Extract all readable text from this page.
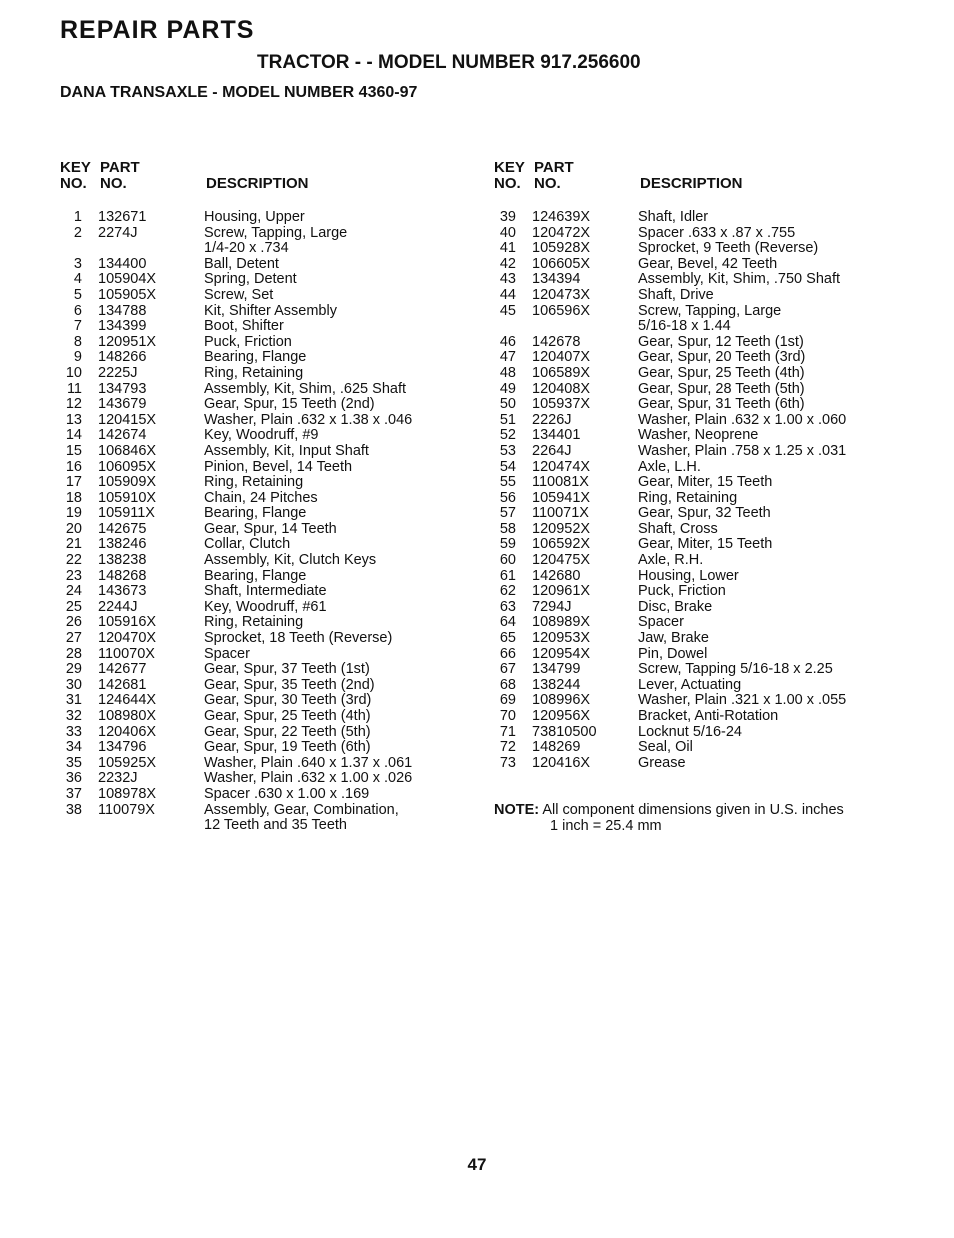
REPAIR PARTS
TRACTOR - - MODEL NUMBER 917.256600
DANA TRANSAXLE - MODEL NUMBER 4360-97
KEY

NO.
PART

NO.	DESCRIPTION
1 132671	Housing, Upper
2 2274J	Screw, Tapping, Large
1/4-20 x .734
3 134400	Ball, Detent
4 105904X	Spring, Detent
5 105905X	Screw, Set
6 134788	Kit, Shifter Assembly
7 134399	Boot, Shifter
8 120951X	Puck, Friction
9 148266	Bearing, Flange
10 2225J	Ring, Retaining
11 134793	Assembly, Kit, Shim, .625 Shaft
12 143679	Gear, Spur, 15 Teeth (2nd)
13 120415X	Washer, Plain .632 x 1.38 x .046
14 142674	Key, Woodruff, #9
15 106846X	Assembly, Kit, Input Shaft
16 106095X	Pinion, Bevel, 14 Teeth
17 105909X	Ring, Retaining
18 105910X	Chain, 24 Pitches
19 105911X	Bearing, Flange
20 142675	Gear, Spur, 14 Teeth
21 138246	Collar, Clutch
22 138238	Assembly, Kit, Clutch Keys
23 148268	Bearing, Flange
24 143673	Shaft, Intermediate
25 2244J	Key, Woodruff, #61
26 105916X	Ring, Retaining
27 120470X	Sprocket, 18 Teeth (Reverse)
28 110070X	Spacer
29 142677	Gear, Spur, 37 Teeth (1st)
30 142681	Gear, Spur, 35 Teeth (2nd)
31 124644X	Gear, Spur, 30 Teeth (3rd)
32 108980X	Gear, Spur, 25 Teeth (4th)
33 120406X	Gear, Spur, 22 Teeth (5th)
34 134796	Gear, Spur, 19 Teeth (6th)
35 105925X	Washer, Plain .640 x 1.37 x .061
36 2232J	Washer, Plain .632 x 1.00 x .026
37 108978X	Spacer .630 x 1.00 x .169
38 110079X	Assembly, Gear, Combination,
12 Teeth and 35 Teeth
KEY

NO.
PART

NO.	DESCRIPTION
39 124639X	Shaft, Idler
40 120472X	Spacer .633 x .87 x .755
41 105928X	Sprocket, 9 Teeth (Reverse)
42 106605X	Gear, Bevel, 42 Teeth
43 134394	Assembly, Kit, Shim, .750 Shaft
44 120473X	Shaft, Drive
45 106596X	Screw, Tapping, Large
5/16-18 x 1.44
46 142678	Gear, Spur, 12 Teeth (1st)
47 120407X	Gear, Spur, 20 Teeth (3rd)
48 106589X	Gear, Spur, 25 Teeth (4th)
49 120408X	Gear, Spur, 28 Teeth (5th)
50 105937X	Gear, Spur, 31 Teeth (6th)
51 2226J	Washer, Plain .632 x 1.00 x .060
52 134401	Washer, Neoprene
53 2264J	Washer, Plain .758 x 1.25 x .031
54 120474X	Axle, L.H.
55 110081X	Gear, Miter, 15 Teeth
56 105941X	Ring, Retaining
57 110071X	Gear, Spur, 32 Teeth
58 120952X	Shaft, Cross
59 106592X	Gear, Miter, 15 Teeth
60 120475X	Axle, R.H.
61 142680	Housing, Lower
62 120961X	Puck, Friction
63 7294J	Disc, Brake
64 108989X	Spacer
65 120953X	Jaw, Brake
66 120954X	Pin, Dowel
67 134799	Screw, Tapping 5/16-18 x 2.25
68 138244	Lever, Actuating
69 108996X	Washer, Plain .321 x 1.00 x .055
70 120956X	Bracket, Anti-Rotation
71 73810500	Locknut 5/16-24
72 148269	Seal, Oil
73 120416X	Grease
NOTE: All component dimensions given in U.S. inches
1 inch = 25.4 mm
47
